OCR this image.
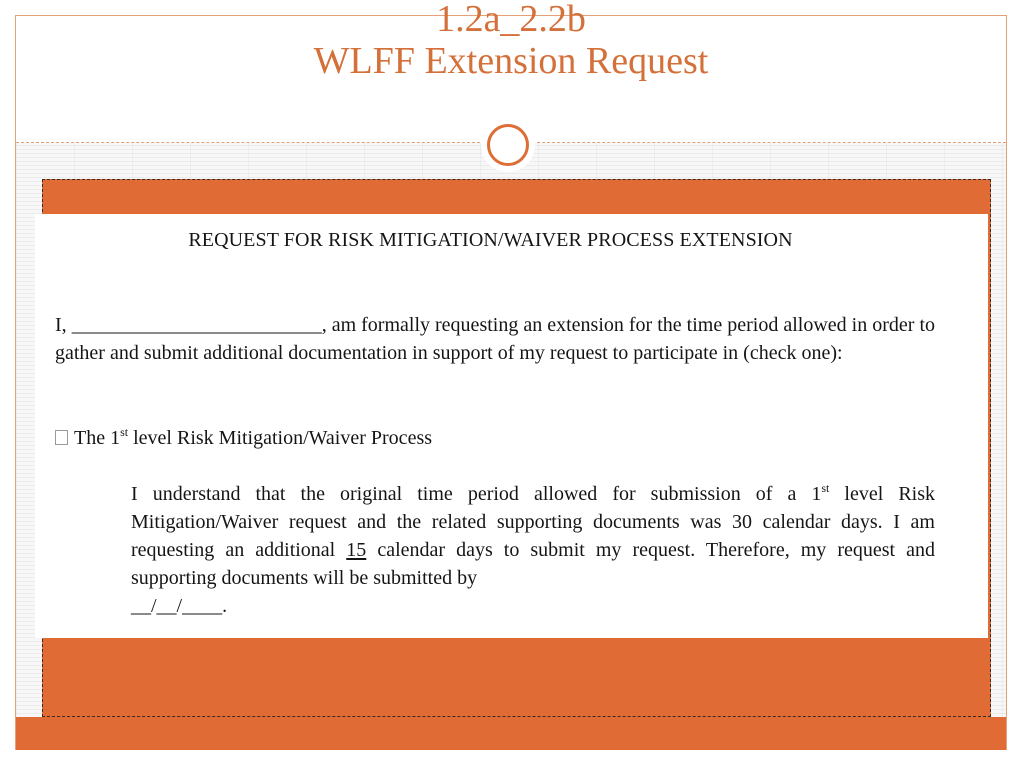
1.2a_2.2b
WLFF Extension Request
REQUEST FOR RISK MITIGATION/WAIVER PROCESS EXTENSION

I, _________________________, am formally requesting an extension for the time period allowed in order to gather and submit additional documentation in support of my request to participate in (check one):

The 1st level Risk Mitigation/Waiver Process

I understand that the original time period allowed for submission of a 1st level Risk Mitigation/Waiver request and the related supporting documents was 30 calendar days. I am requesting an additional 15 calendar days to submit my request. Therefore, my request and supporting documents will be submitted by
__/__/____.
